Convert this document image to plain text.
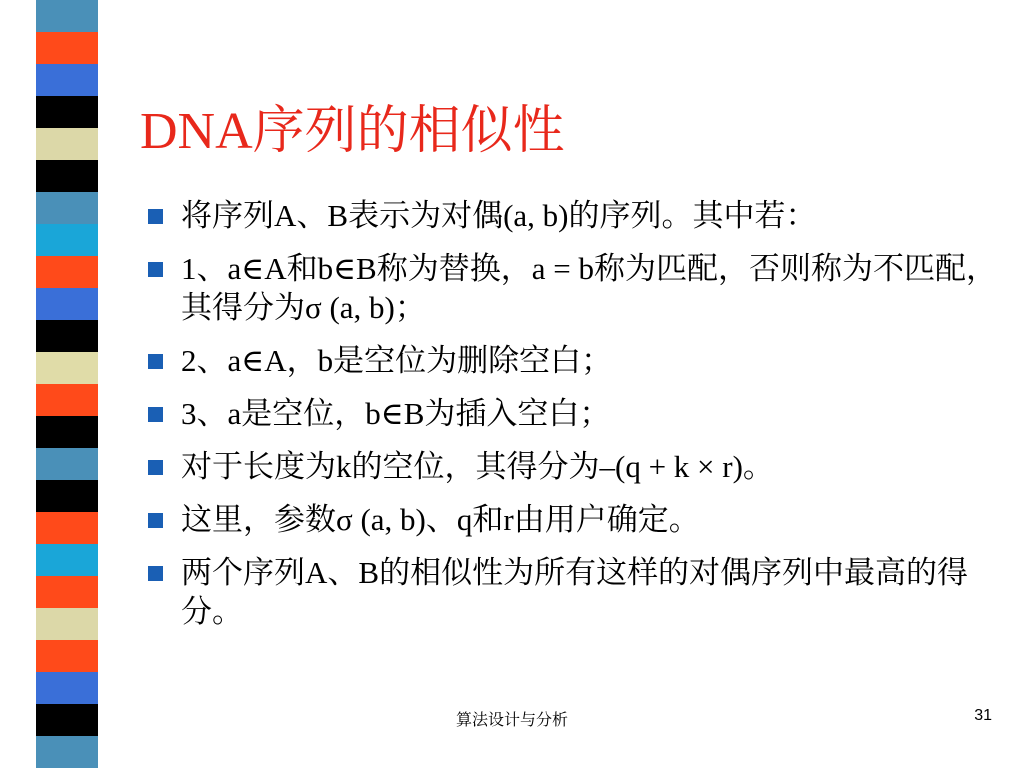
DNA序列的相似性
将序列A、B表示为对偶(a, b)的序列。其中若：
1、a∈A和b∈B称为替换，a = b称为匹配，否则称为不匹配，其得分为σ (a, b)；
2、a∈A，b是空位为删除空白；
3、a是空位，b∈B为插入空白；
对于长度为k的空位，其得分为–(q + k × r)。
这里，参数σ (a, b)、q和r由用户确定。
两个序列A、B的相似性为所有这样的对偶序列中最高的得分。
算法设计与分析	31
